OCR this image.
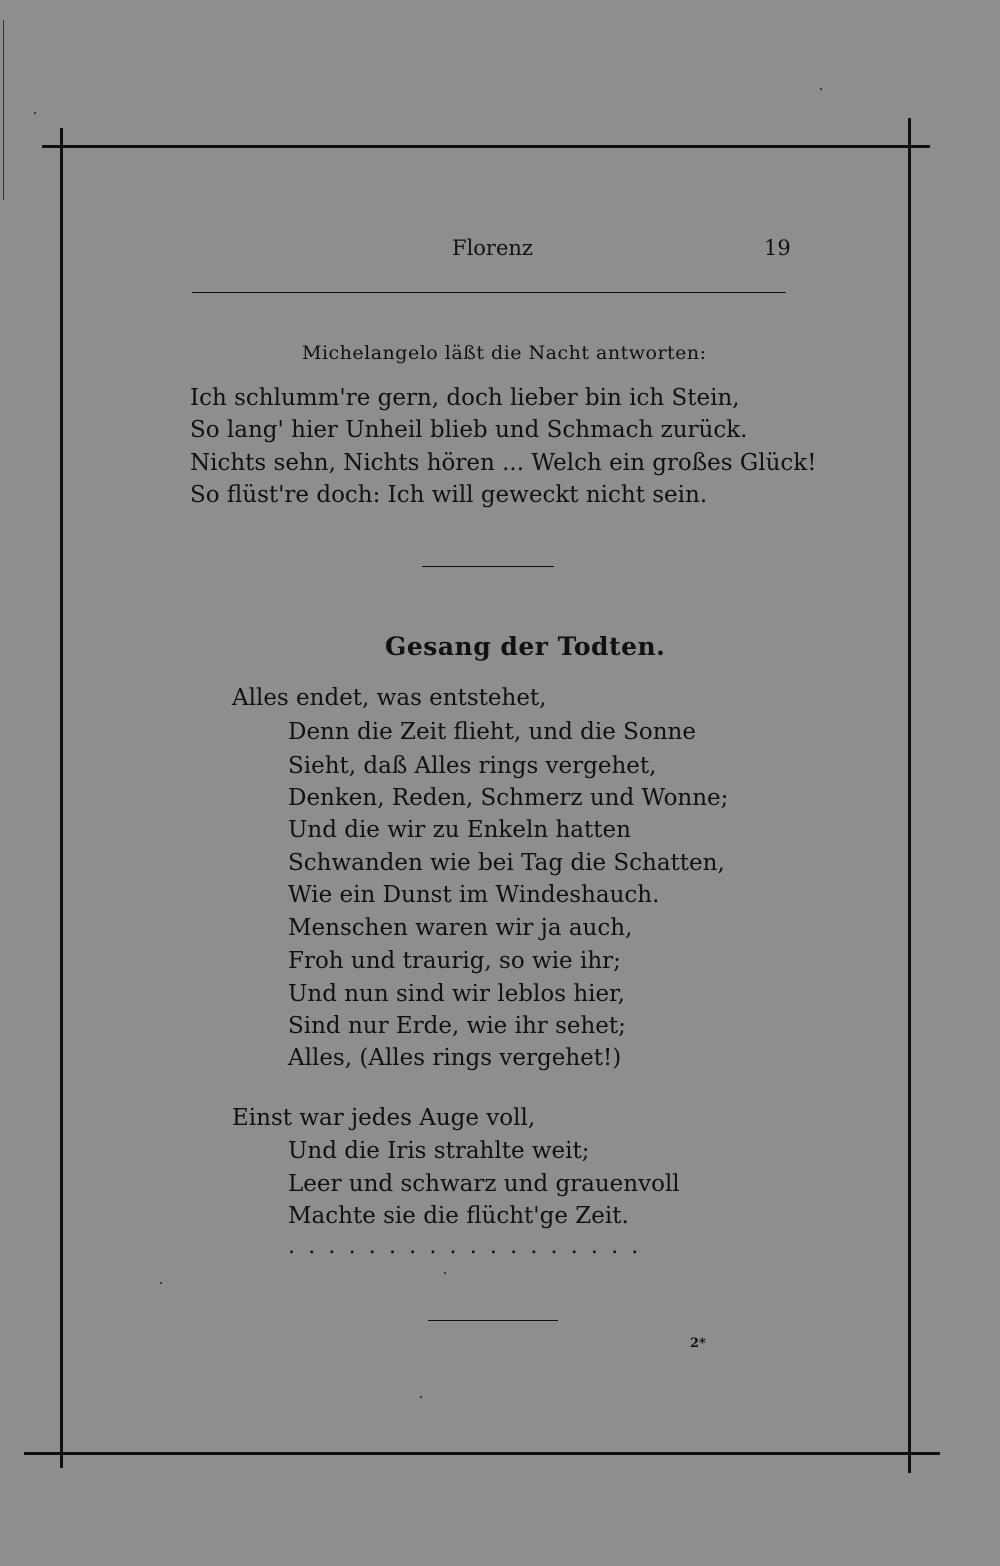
Florenz	19
Michelangelo läßt die Nacht antworten:
Ich schlumm're gern, doch lieber bin ich Stein,
So lang' hier Unheil blieb und Schmach zurück.
Nichts sehn, Nichts hören ... Welch ein großes Glück!
So flüst're doch: Ich will geweckt nicht sein.
Gesang der Todten.
Alles endet, was entstehet,
Denn die Zeit flieht, und die Sonne
Sieht, daß Alles rings vergehet,
Denken, Reden, Schmerz und Wonne;
Und die wir zu Enkeln hatten
Schwanden wie bei Tag die Schatten,
Wie ein Dunst im Windeshauch.
Menschen waren wir ja auch,
Froh und traurig, so wie ihr;
Und nun sind wir leblos hier,
Sind nur Erde, wie ihr sehet;
Alles, (Alles rings vergehet!)
Einst war jedes Auge voll,
Und die Iris strahlte weit;
Leer und schwarz und grauenvoll
Machte sie die flücht'ge Zeit.
..................
2*
